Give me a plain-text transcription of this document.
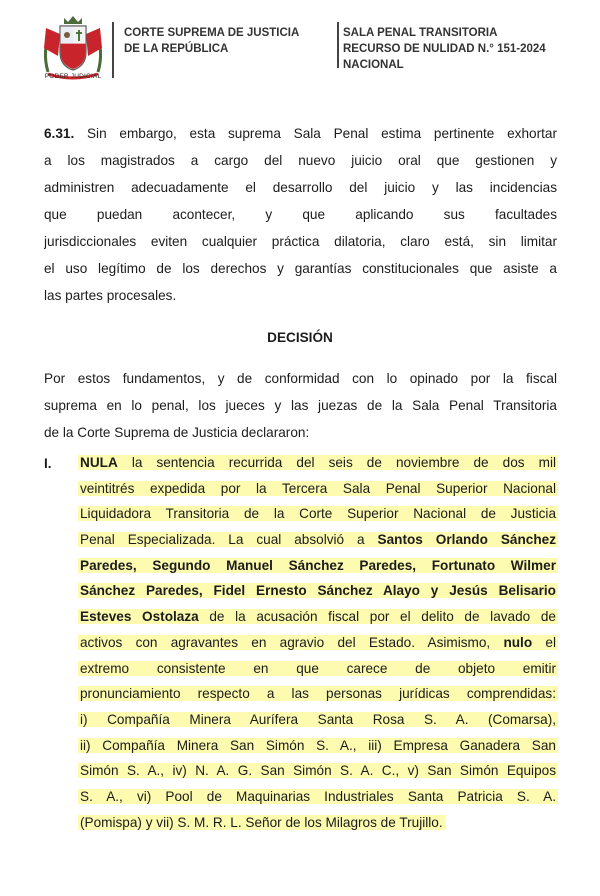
PODER JUDICIAL
CORTE SUPREMA DE JUSTICIA
DE LA REPÚBLICA
SALA PENAL TRANSITORIA
RECURSO DE NULIDAD N.° 151-2024
NACIONAL
6.31. Sin embargo, esta suprema Sala Penal estima pertinente exhortar
a los magistrados a cargo del nuevo juicio oral que gestionen y
administren adecuadamente el desarrollo del juicio y las incidencias
que puedan acontecer, y que aplicando sus facultades
jurisdiccionales eviten cualquier práctica dilatoria, claro está, sin limitar
el uso legítimo de los derechos y garantías constitucionales que asiste a
las partes procesales.
DECISIÓN
Por estos fundamentos, y de conformidad con lo opinado por la fiscal
suprema en lo penal, los jueces y las juezas de la Sala Penal Transitoria
de la Corte Suprema de Justicia declararon:
I. NULA la sentencia recurrida del seis de noviembre de dos mil
veintitrés expedida por la Tercera Sala Penal Superior Nacional
Liquidadora Transitoria de la Corte Superior Nacional de Justicia
Penal Especializada. La cual absolvió a Santos Orlando Sánchez
Paredes, Segundo Manuel Sánchez Paredes, Fortunato Wilmer
Sánchez Paredes, Fidel Ernesto Sánchez Alayo y Jesús Belisario
Esteves Ostolaza de la acusación fiscal por el delito de lavado de
activos con agravantes en agravio del Estado. Asimismo, nulo el
extremo consistente en que carece de objeto emitir
pronunciamiento respecto a las personas jurídicas comprendidas:
i) Compañía Minera Aurífera Santa Rosa S. A. (Comarsa),
ii) Compañía Minera San Simón S. A., iii) Empresa Ganadera San
Simón S. A., iv) N. A. G. San Simón S. A. C., v) San Simón Equipos
S. A., vi) Pool de Maquinarias Industriales Santa Patricia S. A.
(Pomispa) y vii) S. M. R. L. Señor de los Milagros de Trujillo.
